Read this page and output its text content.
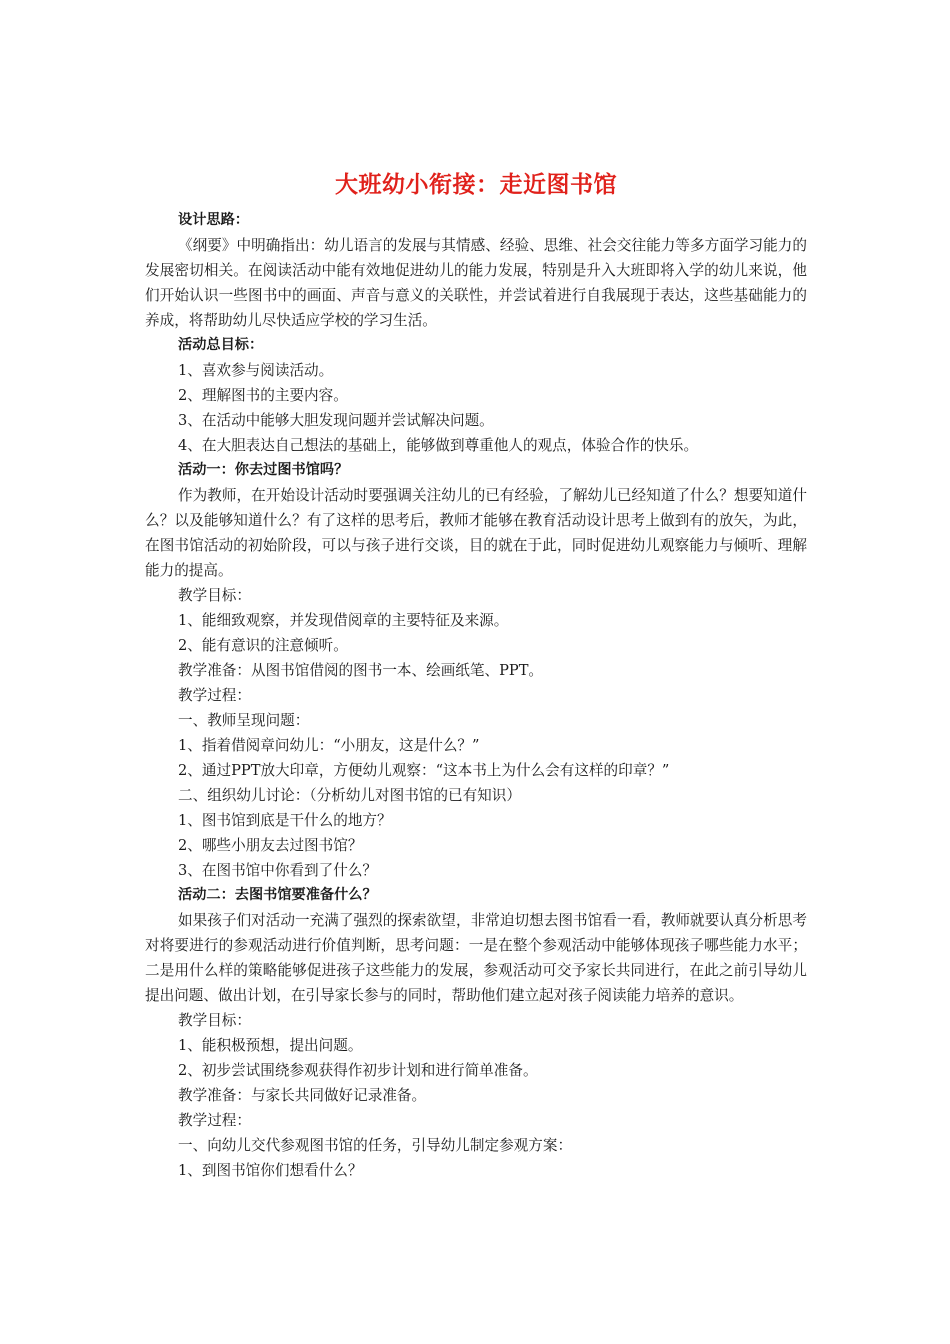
大班幼小衔接：走近图书馆

设计思路：

《纲要》中明确指出：幼儿语言的发展与其情感、经验、思维、社会交往能力等多方面学习能力的发展密切相关。在阅读活动中能有效地促进幼儿的能力发展，特别是升入大班即将入学的幼儿来说，他们开始认识一些图书中的画面、声音与意义的关联性，并尝试着进行自我展现于表达，这些基础能力的养成，将帮助幼儿尽快适应学校的学习生活。

活动总目标：

1、喜欢参与阅读活动。

2、理解图书的主要内容。

3、在活动中能够大胆发现问题并尝试解决问题。

4、在大胆表达自己想法的基础上，能够做到尊重他人的观点，体验合作的快乐。

活动一：你去过图书馆吗？

作为教师，在开始设计活动时要强调关注幼儿的已有经验，了解幼儿已经知道了什么？想要知道什么？以及能够知道什么？有了这样的思考后，教师才能够在教育活动设计思考上做到有的放矢，为此，在图书馆活动的初始阶段，可以与孩子进行交谈，目的就在于此，同时促进幼儿观察能力与倾听、理解能力的提高。

教学目标：

1、能细致观察，并发现借阅章的主要特征及来源。

2、能有意识的注意倾听。

教学准备：从图书馆借阅的图书一本、绘画纸笔、PPT。

教学过程：

一、教师呈现问题：

1、指着借阅章问幼儿：“小朋友，这是什么？”

2、通过PPT放大印章，方便幼儿观察：“这本书上为什么会有这样的印章？”

二、组织幼儿讨论：（分析幼儿对图书馆的已有知识）

1、图书馆到底是干什么的地方？

2、哪些小朋友去过图书馆？

3、在图书馆中你看到了什么？

活动二：去图书馆要准备什么？

如果孩子们对活动一充满了强烈的探索欲望，非常迫切想去图书馆看一看，教师就要认真分析思考对将要进行的参观活动进行价值判断，思考问题：一是在整个参观活动中能够体现孩子哪些能力水平；二是用什么样的策略能够促进孩子这些能力的发展，参观活动可交予家长共同进行，在此之前引导幼儿提出问题、做出计划，在引导家长参与的同时，帮助他们建立起对孩子阅读能力培养的意识。

教学目标：

1、能积极预想，提出问题。

2、初步尝试围绕参观获得作初步计划和进行简单准备。

教学准备：与家长共同做好记录准备。

教学过程：

一、向幼儿交代参观图书馆的任务，引导幼儿制定参观方案：

1、到图书馆你们想看什么？
